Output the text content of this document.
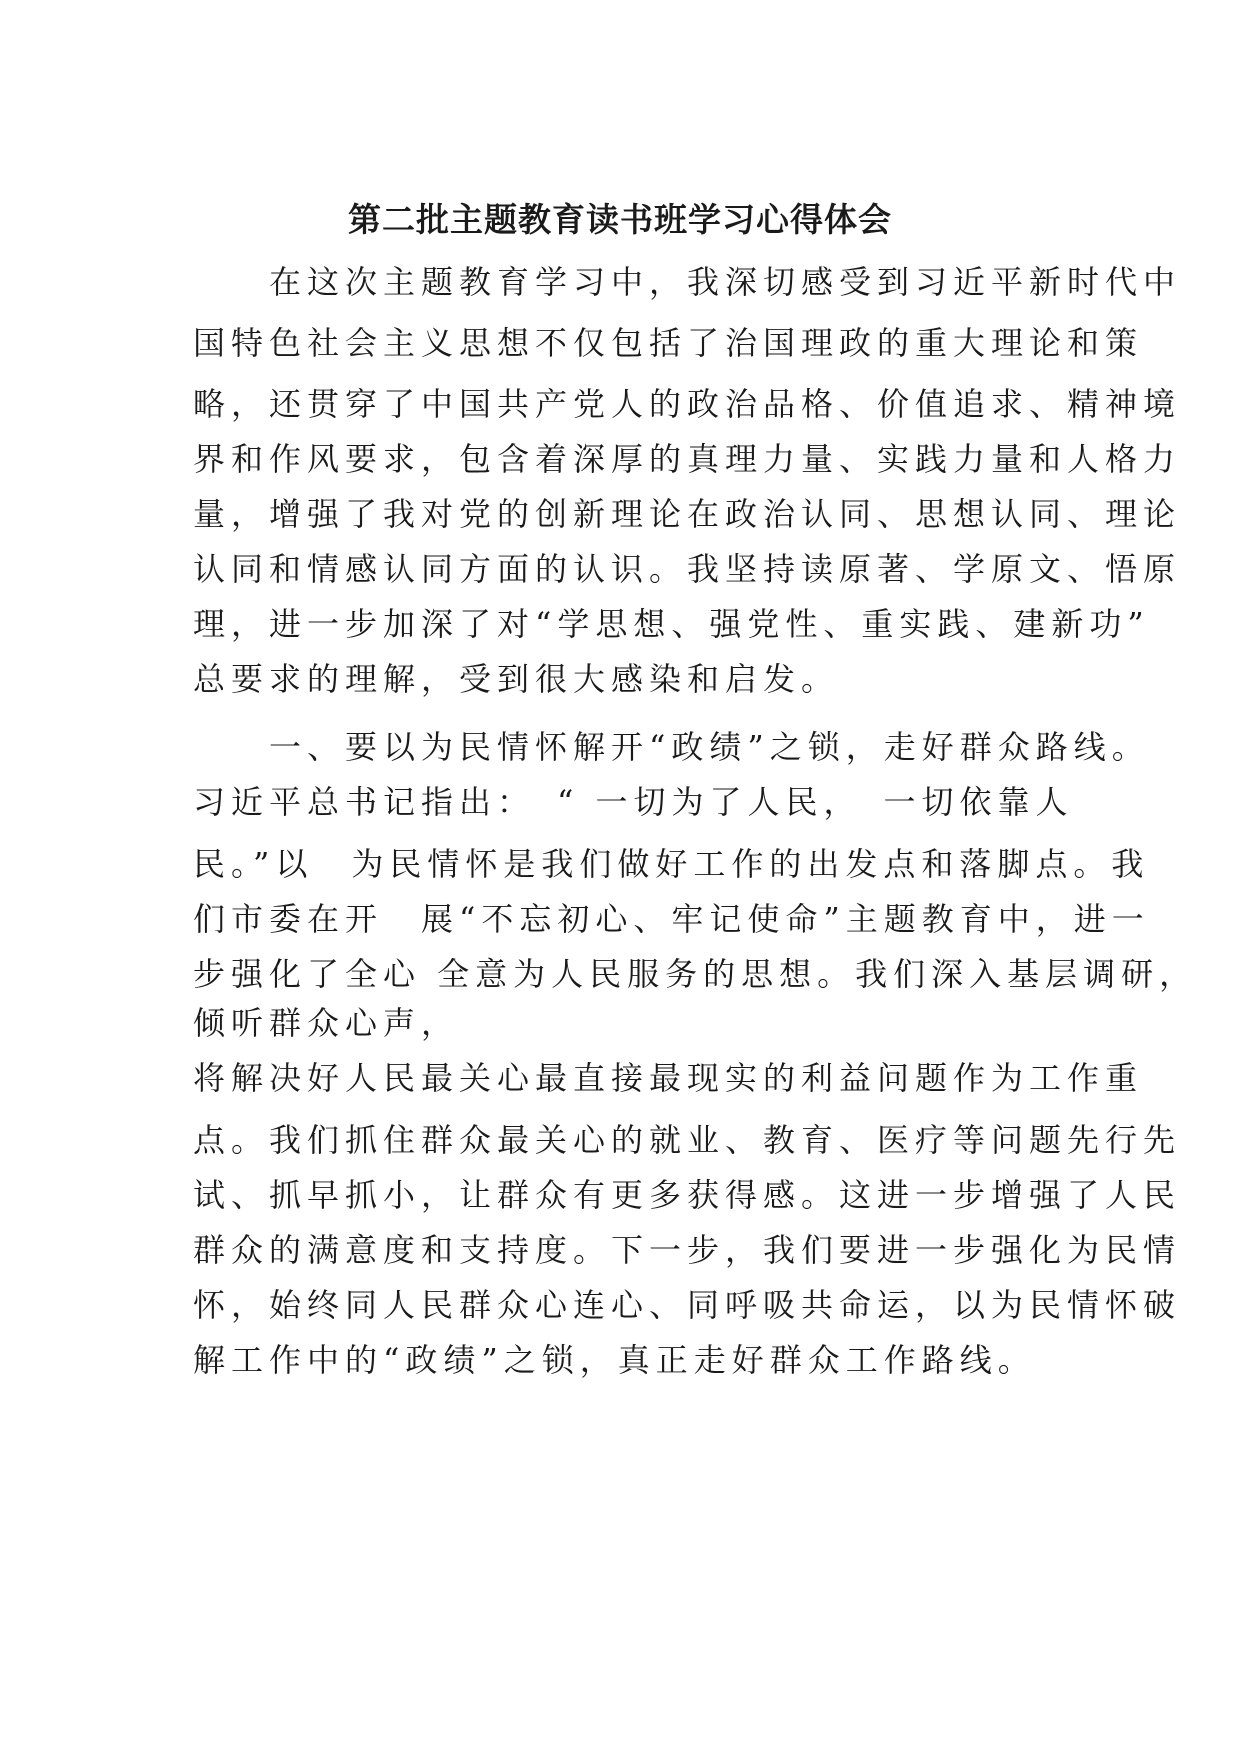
第二批主题教育读书班学习心得体会
　　在这次主题教育学习中，我深切感受到习近平新时代中
国特色社会主义思想不仅包括了治国理政的重大理论和策
略，还贯穿了中国共产党人的政治品格、价值追求、精神境
界和作风要求，包含着深厚的真理力量、实践力量和人格力
量，增强了我对党的创新理论在政治认同、思想认同、理论
认同和情感认同方面的认识。我坚持读原著、学原文、悟原
理，进一步加深了对“学思想、强党性、重实践、建新功”
总要求的理解，受到很大感染和启发。
　　一、要以为民情怀解开“政绩”之锁，走好群众路线。
习近平总书记指出：　“ 一切为了人民，　一切依靠人
民。”以　为民情怀是我们做好工作的出发点和落脚点。我
们市委在开　展“不忘初心、牢记使命”主题教育中，进一
步强化了全心 全意为人民服务的思想。我们深入基层调研，
倾听群众心声，
将解决好人民最关心最直接最现实的利益问题作为工作重
点。我们抓住群众最关心的就业、教育、医疗等问题先行先
试、抓早抓小，让群众有更多获得感。这进一步增强了人民
群众的满意度和支持度。下一步，我们要进一步强化为民情
怀，始终同人民群众心连心、同呼吸共命运，以为民情怀破
解工作中的“政绩”之锁，真正走好群众工作路线。
